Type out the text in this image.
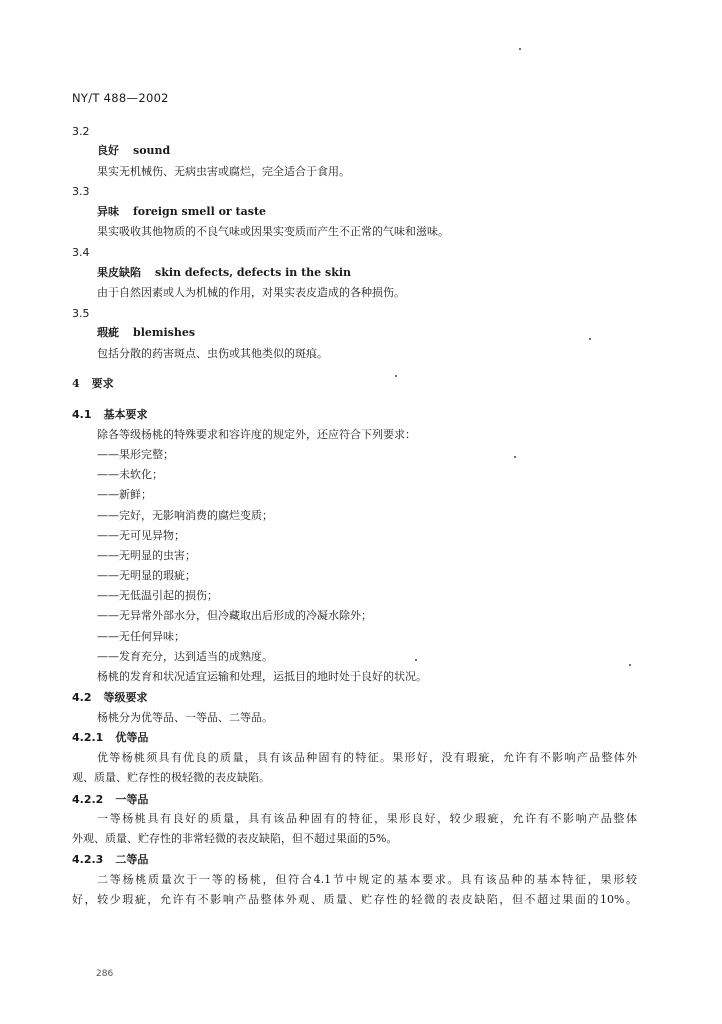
NY/T 488—2002
3.2
良好 sound
果实无机械伤、无病虫害或腐烂，完全适合于食用。
3.3
异味 foreign smell or taste
果实吸收其他物质的不良气味或因果实变质而产生不正常的气味和滋味。
3.4
果皮缺陷 skin defects, defects in the skin
由于自然因素或人为机械的作用，对果实表皮造成的各种损伤。
3.5
瑕疵 blemishes
包括分散的药害斑点、虫伤或其他类似的斑痕。
4 要求
4.1 基本要求
除各等级杨桃的特殊要求和容许度的规定外，还应符合下列要求：
——果形完整；
——未软化；
——新鲜；
——完好，无影响消费的腐烂变质；
——无可见异物；
——无明显的虫害；
——无明显的瑕疵；
——无低温引起的损伤；
——无异常外部水分，但冷藏取出后形成的冷凝水除外；
——无任何异味；
——发育充分，达到适当的成熟度。
杨桃的发育和状况适宜运输和处理，运抵目的地时处于良好的状况。
4.2 等级要求
杨桃分为优等品、一等品、二等品。
4.2.1 优等品
优等杨桃须具有优良的质量，具有该品种固有的特征。果形好，没有瑕疵，允许有不影响产品整体外
观、质量、贮存性的极轻微的表皮缺陷。
4.2.2 一等品
一等杨桃具有良好的质量，具有该品种固有的特征，果形良好，较少瑕疵，允许有不影响产品整体
外观、质量、贮存性的非常轻微的表皮缺陷，但不超过果面的5%。
4.2.3 二等品
二等杨桃质量次于一等的杨桃，但符合4.1节中规定的基本要求。具有该品种的基本特征，果形较
好，较少瑕疵，允许有不影响产品整体外观、质量、贮存性的轻微的表皮缺陷，但不超过果面的10%。
286
